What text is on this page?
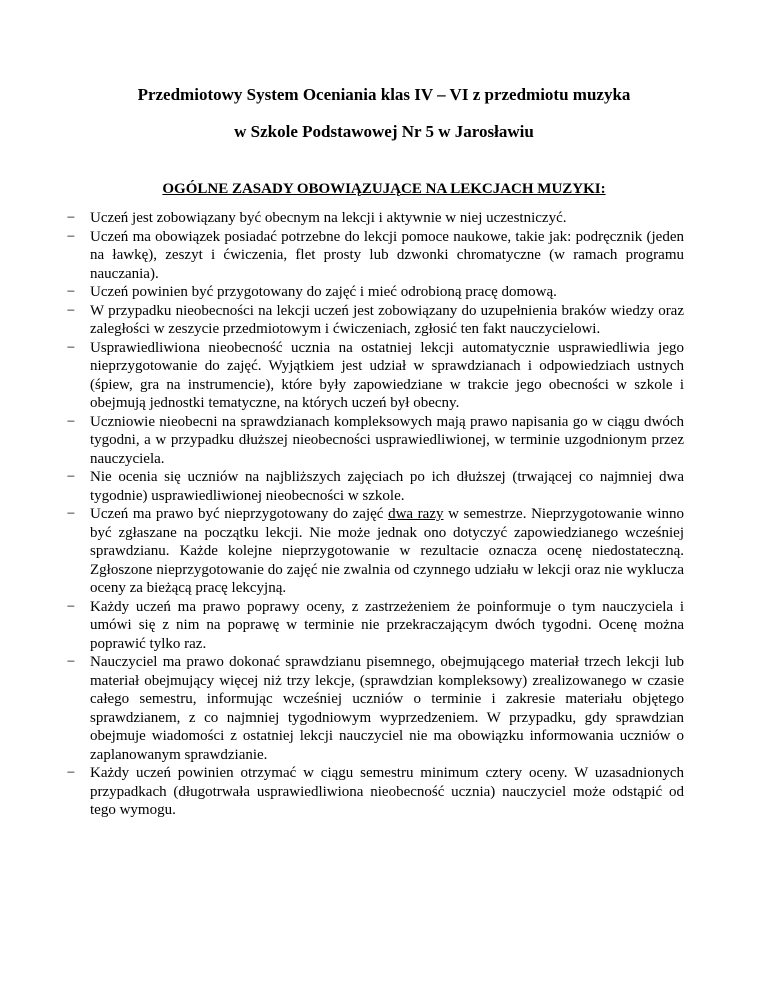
Przedmiotowy System Oceniania klas IV – VI z przedmiotu muzyka
w Szkole Podstawowej Nr 5 w Jarosławiu
OGÓLNE ZASADY OBOWIĄZUJĄCE NA LEKCJACH MUZYKI:
− Uczeń jest zobowiązany być obecnym na lekcji i aktywnie w niej uczestniczyć.
− Uczeń ma obowiązek posiadać potrzebne do lekcji pomoce naukowe, takie jak: podręcznik (jeden na ławkę), zeszyt i ćwiczenia, flet prosty lub dzwonki chromatyczne (w ramach programu nauczania).
− Uczeń powinien być przygotowany do zajęć i mieć odrobioną pracę domową.
− W przypadku nieobecności na lekcji uczeń jest zobowiązany do uzupełnienia braków wiedzy oraz zaległości w zeszycie przedmiotowym i ćwiczeniach, zgłosić ten fakt nauczycielowi.
− Usprawiedliwiona nieobecność ucznia na ostatniej lekcji automatycznie usprawiedliwia jego nieprzygotowanie do zajęć. Wyjątkiem jest udział w sprawdzianach i odpowiedziach ustnych (śpiew, gra na instrumencie), które były zapowiedziane w trakcie jego obecności w szkole i obejmują jednostki tematyczne, na których uczeń był obecny.
− Uczniowie nieobecni na sprawdzianach kompleksowych mają prawo napisania go w ciągu dwóch tygodni, a w przypadku dłuższej nieobecności usprawiedliwionej, w terminie uzgodnionym przez nauczyciela.
− Nie ocenia się uczniów na najbliższych zajęciach po ich dłuższej (trwającej co najmniej dwa tygodnie) usprawiedliwionej nieobecności w szkole.
− Uczeń ma prawo być nieprzygotowany do zajęć dwa razy w semestrze. Nieprzygotowanie winno być zgłaszane na początku lekcji. Nie może jednak ono dotyczyć zapowiedzianego wcześniej sprawdzianu. Każde kolejne nieprzygotowanie w rezultacie oznacza ocenę niedostateczną. Zgłoszone nieprzygotowanie do zajęć nie zwalnia od czynnego udziału w lekcji oraz nie wyklucza oceny za bieżącą pracę lekcyjną.
− Każdy uczeń ma prawo poprawy oceny, z zastrzeżeniem że poinformuje o tym nauczyciela i umówi się z nim na poprawę w terminie nie przekraczającym dwóch tygodni. Ocenę można poprawić tylko raz.
− Nauczyciel ma prawo dokonać sprawdzianu pisemnego, obejmującego materiał trzech lekcji lub materiał obejmujący więcej niż trzy lekcje, (sprawdzian kompleksowy) zrealizowanego w czasie całego semestru, informując wcześniej uczniów o terminie i zakresie materiału objętego sprawdzianem, z co najmniej tygodniowym wyprzedzeniem. W przypadku, gdy sprawdzian obejmuje wiadomości z ostatniej lekcji nauczyciel nie ma obowiązku informowania uczniów o zaplanowanym sprawdzianie.
− Każdy uczeń powinien otrzymać w ciągu semestru minimum cztery oceny. W uzasadnionych przypadkach (długotrwała usprawiedliwiona nieobecność ucznia) nauczyciel może odstąpić od tego wymogu.
